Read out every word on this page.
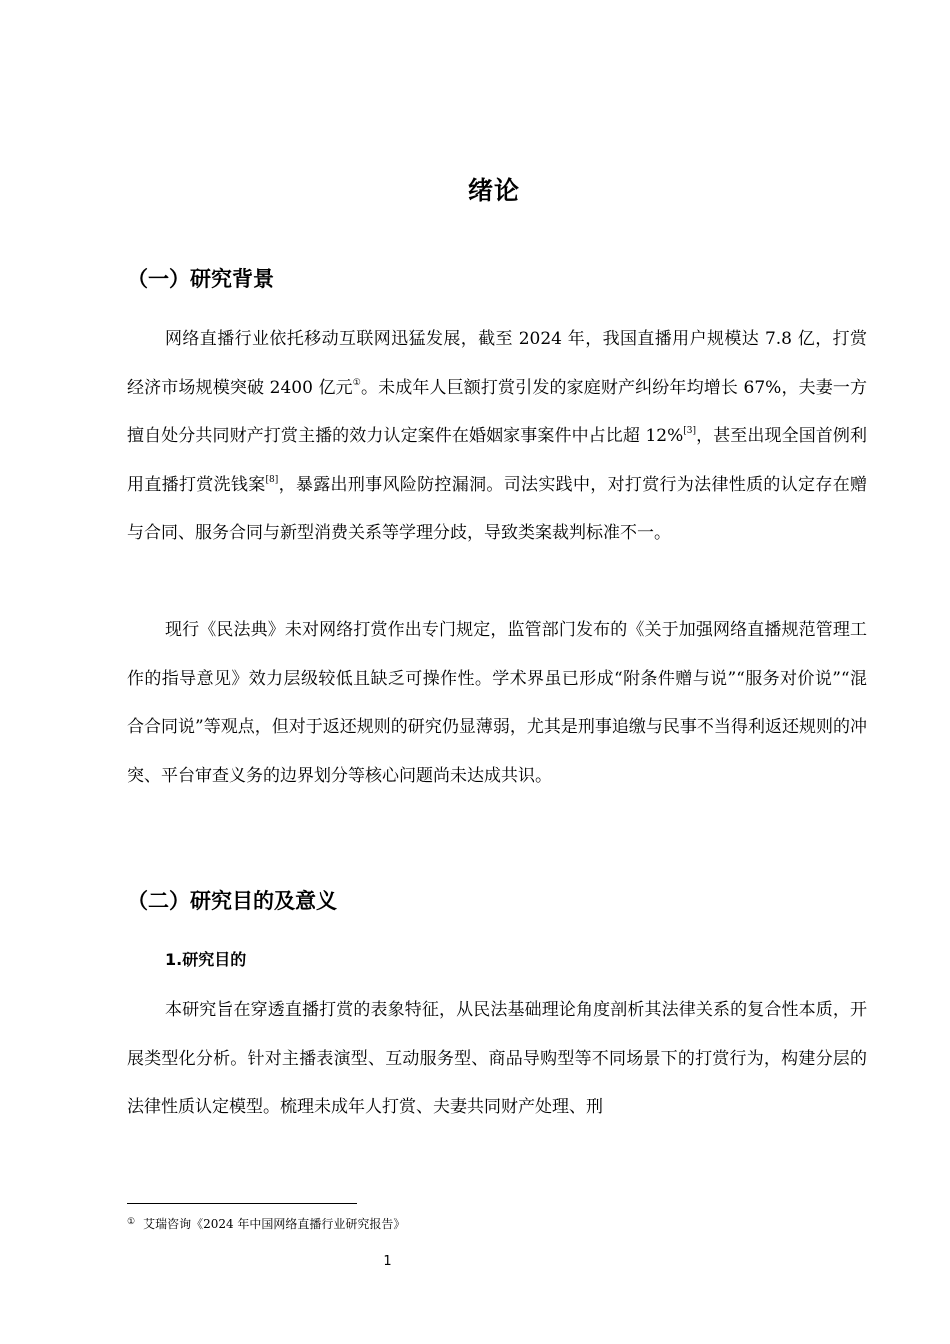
绪论
（一）研究背景
网络直播行业依托移动互联网迅猛发展，截至 2024 年，我国直播用户规模达 7.8 亿，打赏经济市场规模突破 2400 亿元①。未成年人巨额打赏引发的家庭财产纠纷年均增长 67%，夫妻一方擅自处分共同财产打赏主播的效力认定案件在婚姻家事案件中占比超 12%[3]，甚至出现全国首例利用直播打赏洗钱案[8]，暴露出刑事风险防控漏洞。司法实践中，对打赏行为法律性质的认定存在赠与合同、服务合同与新型消费关系等学理分歧，导致类案裁判标准不一。
现行《民法典》未对网络打赏作出专门规定，监管部门发布的《关于加强网络直播规范管理工作的指导意见》效力层级较低且缺乏可操作性。学术界虽已形成“附条件赠与说”“服务对价说”“混合合同说”等观点，但对于返还规则的研究仍显薄弱，尤其是刑事追缴与民事不当得利返还规则的冲突、平台审查义务的边界划分等核心问题尚未达成共识。
（二）研究目的及意义
1.研究目的
本研究旨在穿透直播打赏的表象特征，从民法基础理论角度剖析其法律关系的复合性本质，开展类型化分析。针对主播表演型、互动服务型、商品导购型等不同场景下的打赏行为，构建分层的法律性质认定模型。梳理未成年人打赏、夫妻共同财产处理、刑
① 艾瑞咨询《2024 年中国网络直播行业研究报告》
1
